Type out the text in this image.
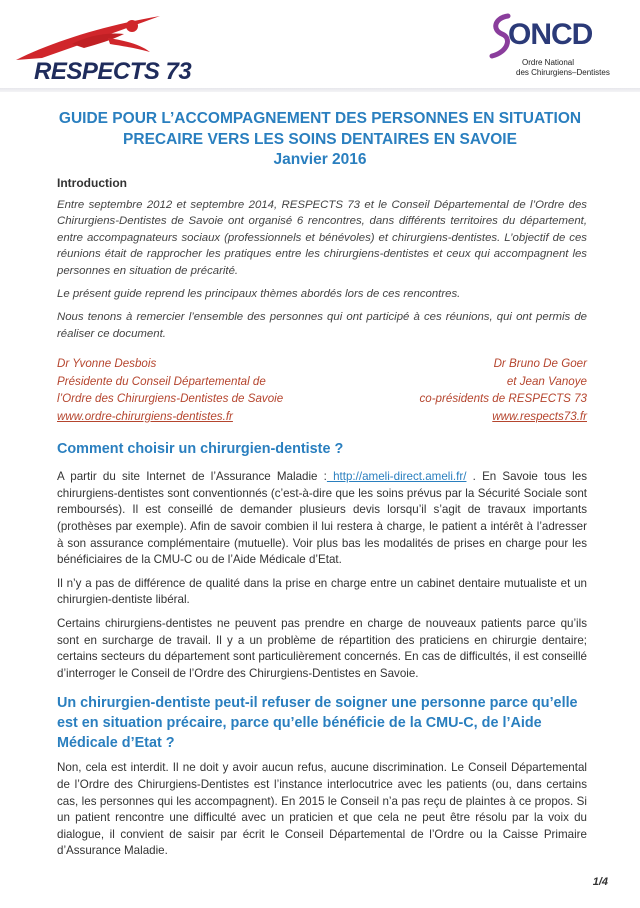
RESPECTS 73
ONCD
Ordre National
des Chirurgiens–Dentistes
GUIDE POUR L’ACCOMPAGNEMENT DES PERSONNES EN SITUATION
PRECAIRE VERS LES SOINS DENTAIRES EN SAVOIE
Janvier 2016
Introduction

Entre septembre 2012 et septembre 2014, RESPECTS 73 et le Conseil Départemental de l’Ordre des Chirurgiens-Dentistes de Savoie ont organisé 6 rencontres, dans différents territoires du département, entre accompagnateurs sociaux (professionnels et bénévoles) et chirurgiens-dentistes. L’objectif de ces réunions était de rapprocher les pratiques entre les chirurgiens-dentistes et ceux qui accompagnent les personnes en situation de précarité.

Le présent guide reprend les principaux thèmes abordés lors de ces rencontres.

Nous tenons à remercier l’ensemble des personnes qui ont participé à ces réunions, qui ont permis de réaliser ce document.

Dr Yvonne Desbois
Présidente du Conseil Départemental de
l’Ordre des Chirurgiens-Dentistes de Savoie
www.ordre-chirurgiens-dentistes.fr
Dr Bruno De Goer
et Jean Vanoye
co-présidents de RESPECTS 73
www.respects73.fr
Comment choisir un chirurgien-dentiste ?

A partir du site Internet de l’Assurance Maladie : http://ameli-direct.ameli.fr/ . En Savoie tous les chirurgiens-dentistes sont conventionnés (c’est-à-dire que les soins prévus par la Sécurité Sociale sont remboursés). Il est conseillé de demander plusieurs devis lorsqu’il s’agit de travaux importants (prothèses par exemple). Afin de savoir combien il lui restera à charge, le patient a intérêt à l’adresser à son assurance complémentaire (mutuelle). Voir plus bas les modalités de prises en charge pour les bénéficiaires de la CMU-C ou de l’Aide Médicale d’Etat.

Il n’y a pas de différence de qualité dans la prise en charge entre un cabinet dentaire mutualiste et un chirurgien-dentiste libéral.

Certains chirurgiens-dentistes ne peuvent pas prendre en charge de nouveaux patients parce qu’ils sont en surcharge de travail. Il y a un problème de répartition des praticiens en chirurgie dentaire; certains secteurs du département sont particulièrement concernés. En cas de difficultés, il est conseillé d’interroger le Conseil de l’Ordre des Chirurgiens-Dentistes en Savoie.

Un chirurgien-dentiste peut-il refuser de soigner une personne parce qu’elle est en situation précaire, parce qu’elle bénéficie de la CMU-C, de l’Aide Médicale d’Etat ?

Non, cela est interdit. Il ne doit y avoir aucun refus, aucune discrimination. Le Conseil Départemental de l’Ordre des Chirurgiens-Dentistes est l’instance interlocutrice avec les patients (ou, dans certains cas, les personnes qui les accompagnent). En 2015 le Conseil n’a pas reçu de plaintes à ce propos. Si un patient rencontre une difficulté avec un praticien et que cela ne peut être résolu par la voix du dialogue, il convient de saisir par écrit le Conseil Départemental de l’Ordre ou la Caisse Primaire d’Assurance Maladie.

1/4
